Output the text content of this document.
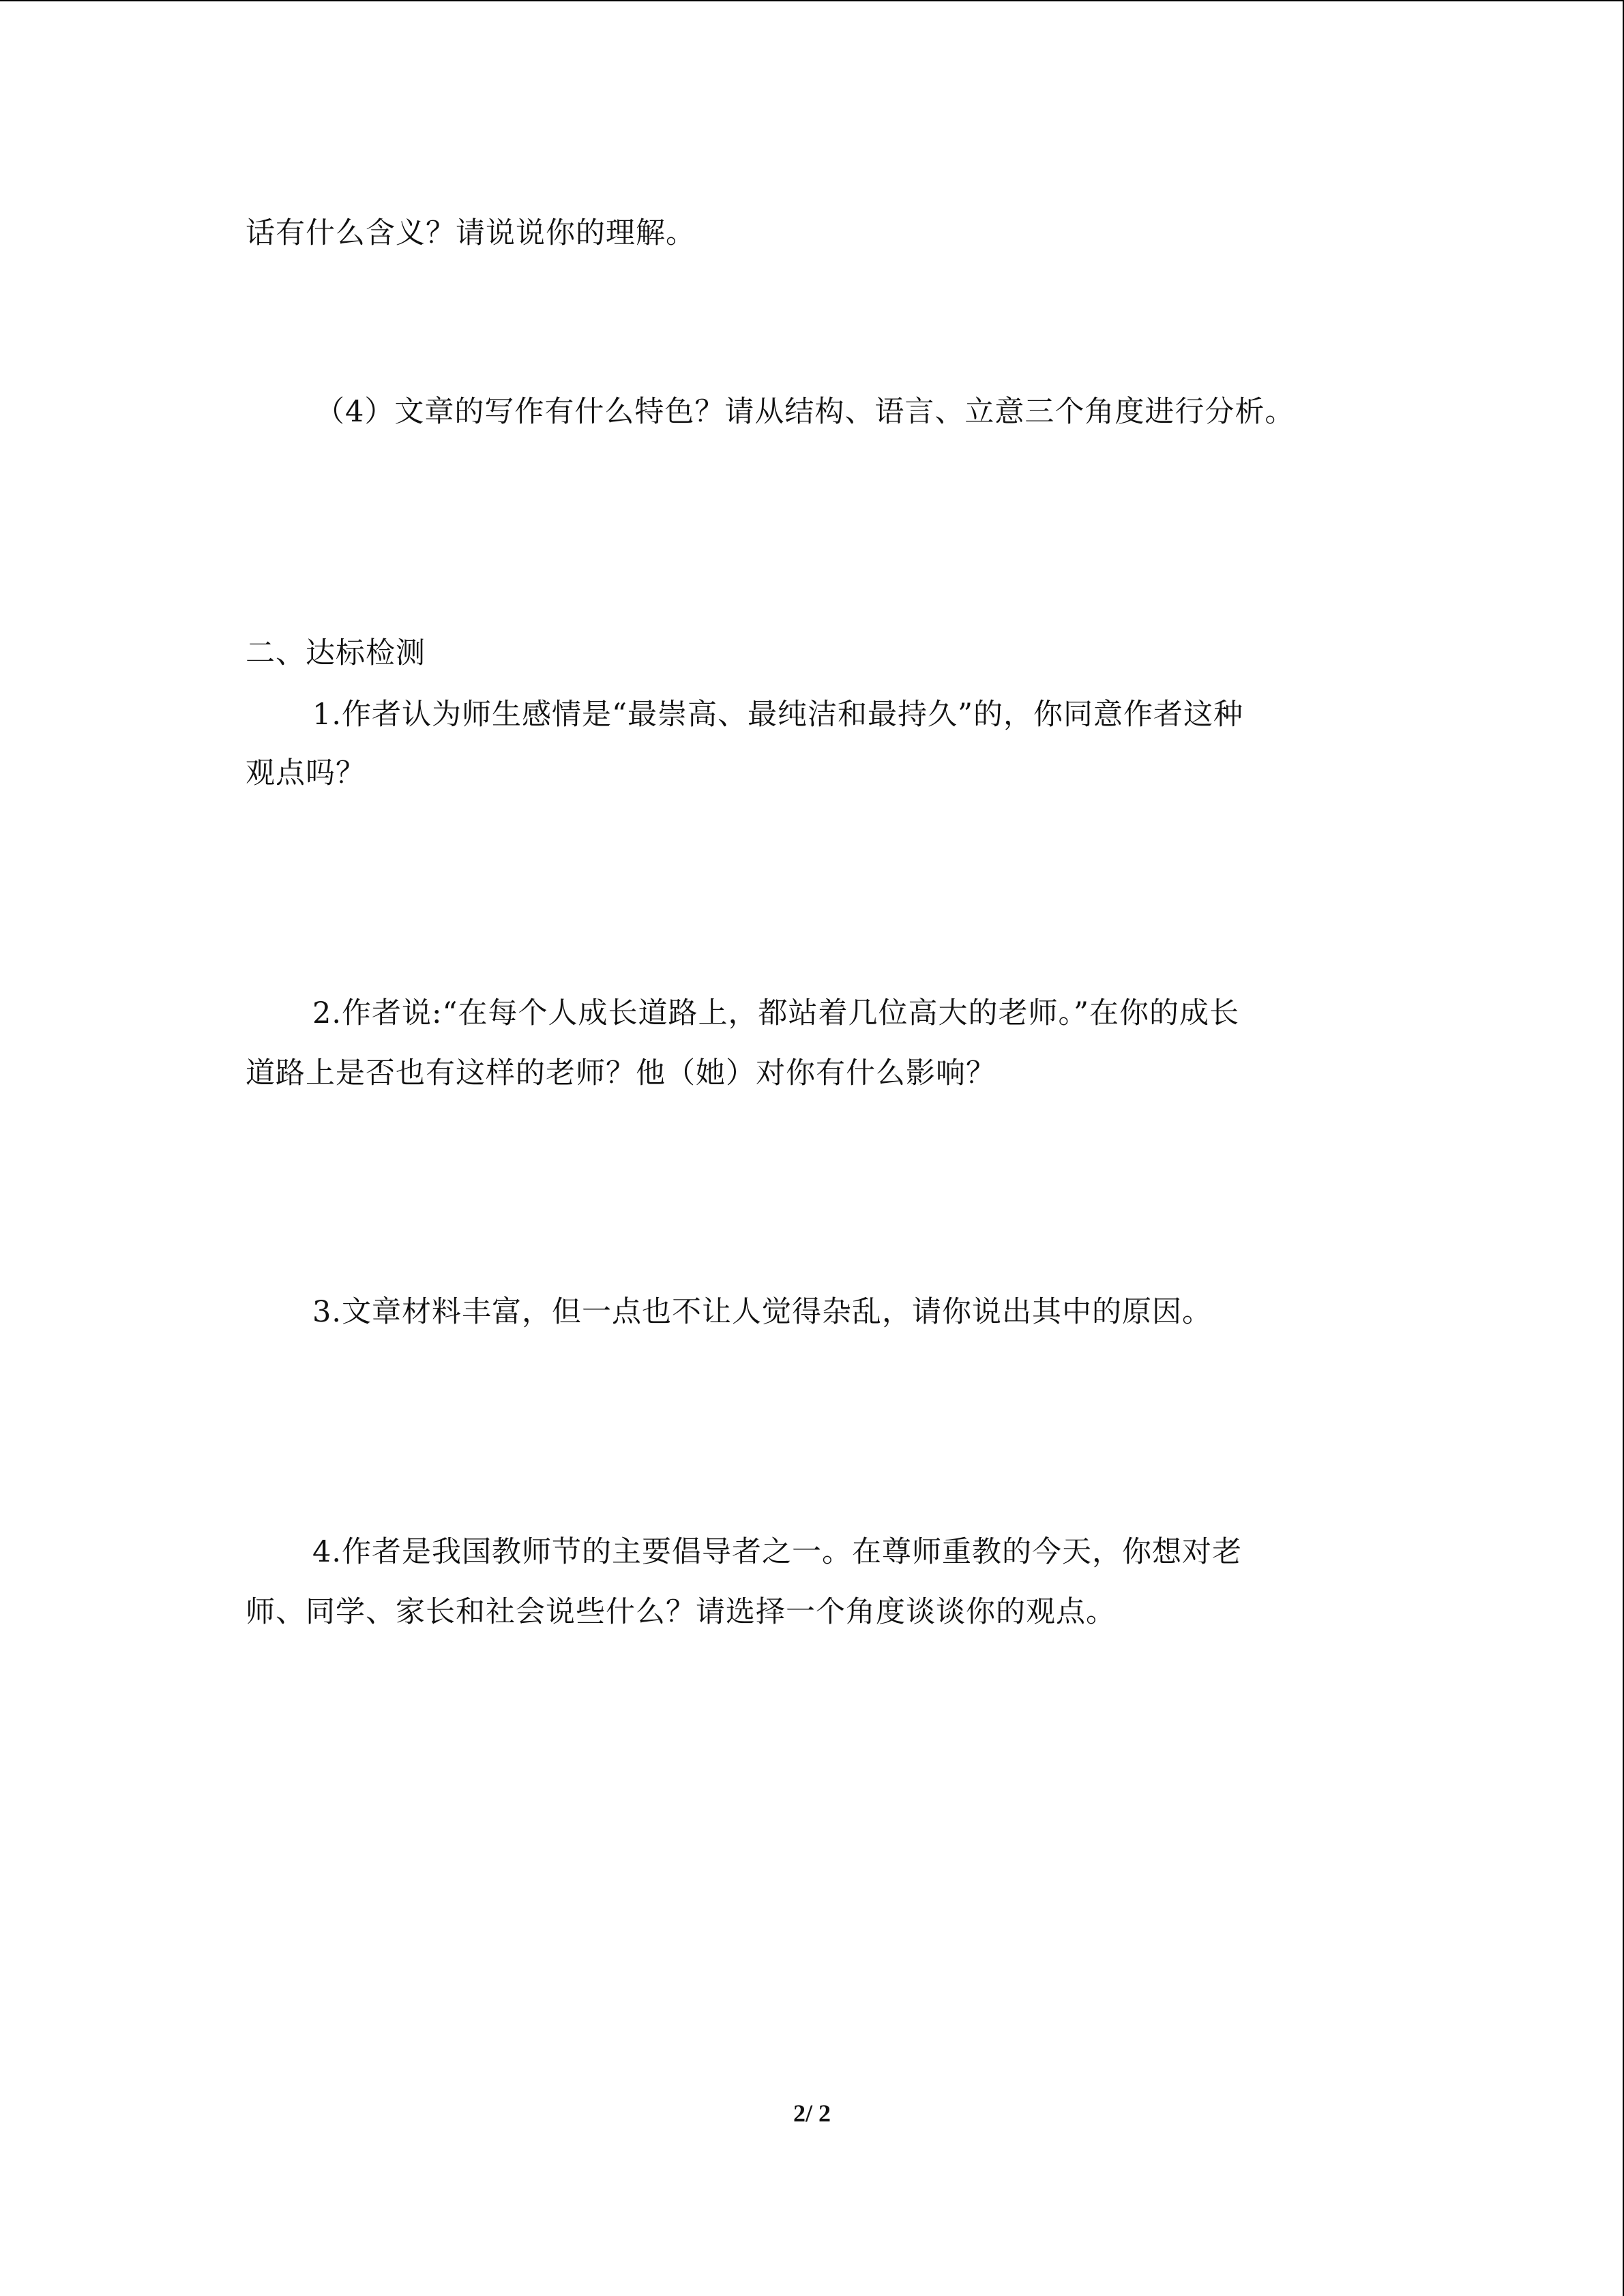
话有什么含义？请说说你的理解。
（4）文章的写作有什么特色？请从结构、语言、立意三个角度进行分析。
二、达标检测
1.作者认为师生感情是“最崇高、最纯洁和最持久”的，你同意作者这种
观点吗？
2.作者说:“在每个人成长道路上，都站着几位高大的老师。”在你的成长
道路上是否也有这样的老师？他（她）对你有什么影响？
3.文章材料丰富，但一点也不让人觉得杂乱，请你说出其中的原因。
4.作者是我国教师节的主要倡导者之一。在尊师重教的今天，你想对老
师、同学、家长和社会说些什么？请选择一个角度谈谈你的观点。
2/ 2
